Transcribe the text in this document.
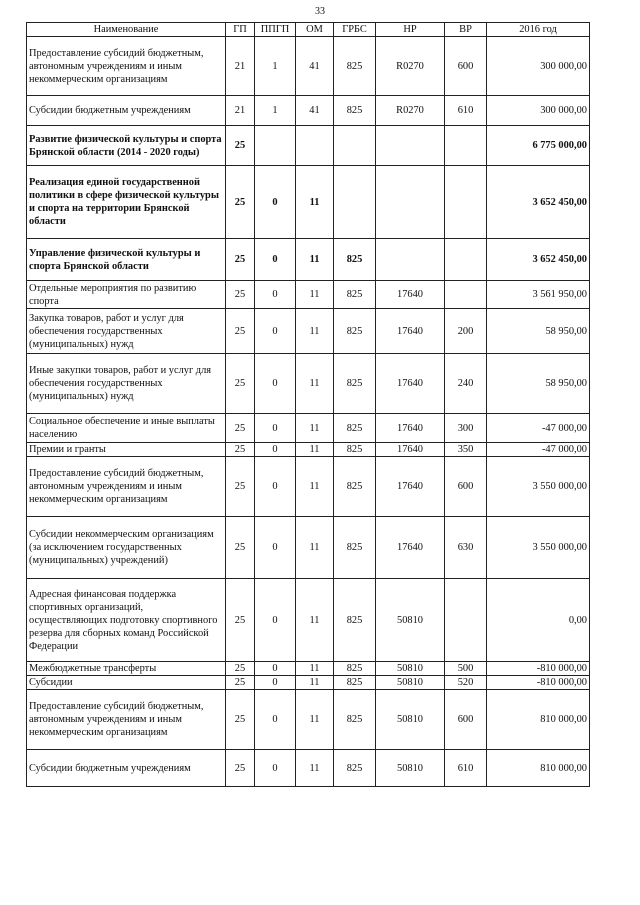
33
Наименование	ГП	ППГП	ОМ	ГРБС	НР	ВР	2016 год
Предоставление субсидий бюджетным, автономным учреждениям и иным некоммерческим организациям	21	1	41	825	R0270	600	300 000,00
Субсидии бюджетным учреждениям	21	1	41	825	R0270	610	300 000,00
Развитие физической культуры и спорта Брянской области (2014 - 2020 годы)	25						6 775 000,00
Реализация единой государственной политики в сфере физической культуры и спорта на территории Брянской области	25	0	11				3 652 450,00
Управление физической культуры и спорта Брянской области	25	0	11	825			3 652 450,00
Отдельные мероприятия по развитию спорта	25	0	11	825	17640		3 561 950,00
Закупка товаров, работ и услуг для обеспечения государственных (муниципальных) нужд	25	0	11	825	17640	200	58 950,00
Иные закупки товаров, работ и услуг для обеспечения государственных (муниципальных) нужд	25	0	11	825	17640	240	58 950,00
Социальное обеспечение и иные выплаты населению	25	0	11	825	17640	300	-47 000,00
Премии и гранты	25	0	11	825	17640	350	-47 000,00
Предоставление субсидий бюджетным, автономным учреждениям и иным некоммерческим организациям	25	0	11	825	17640	600	3 550 000,00
Субсидии некоммерческим организациям (за исключением государственных (муниципальных) учреждений)	25	0	11	825	17640	630	3 550 000,00
Адресная финансовая поддержка спортивных организаций, осуществляющих подготовку спортивного резерва для сборных команд Российской Федерации	25	0	11	825	50810		0,00
Межбюджетные трансферты	25	0	11	825	50810	500	-810 000,00
Субсидии	25	0	11	825	50810	520	-810 000,00
Предоставление субсидий бюджетным, автономным учреждениям и иным некоммерческим организациям	25	0	11	825	50810	600	810 000,00
Субсидии бюджетным учреждениям	25	0	11	825	50810	610	810 000,00
